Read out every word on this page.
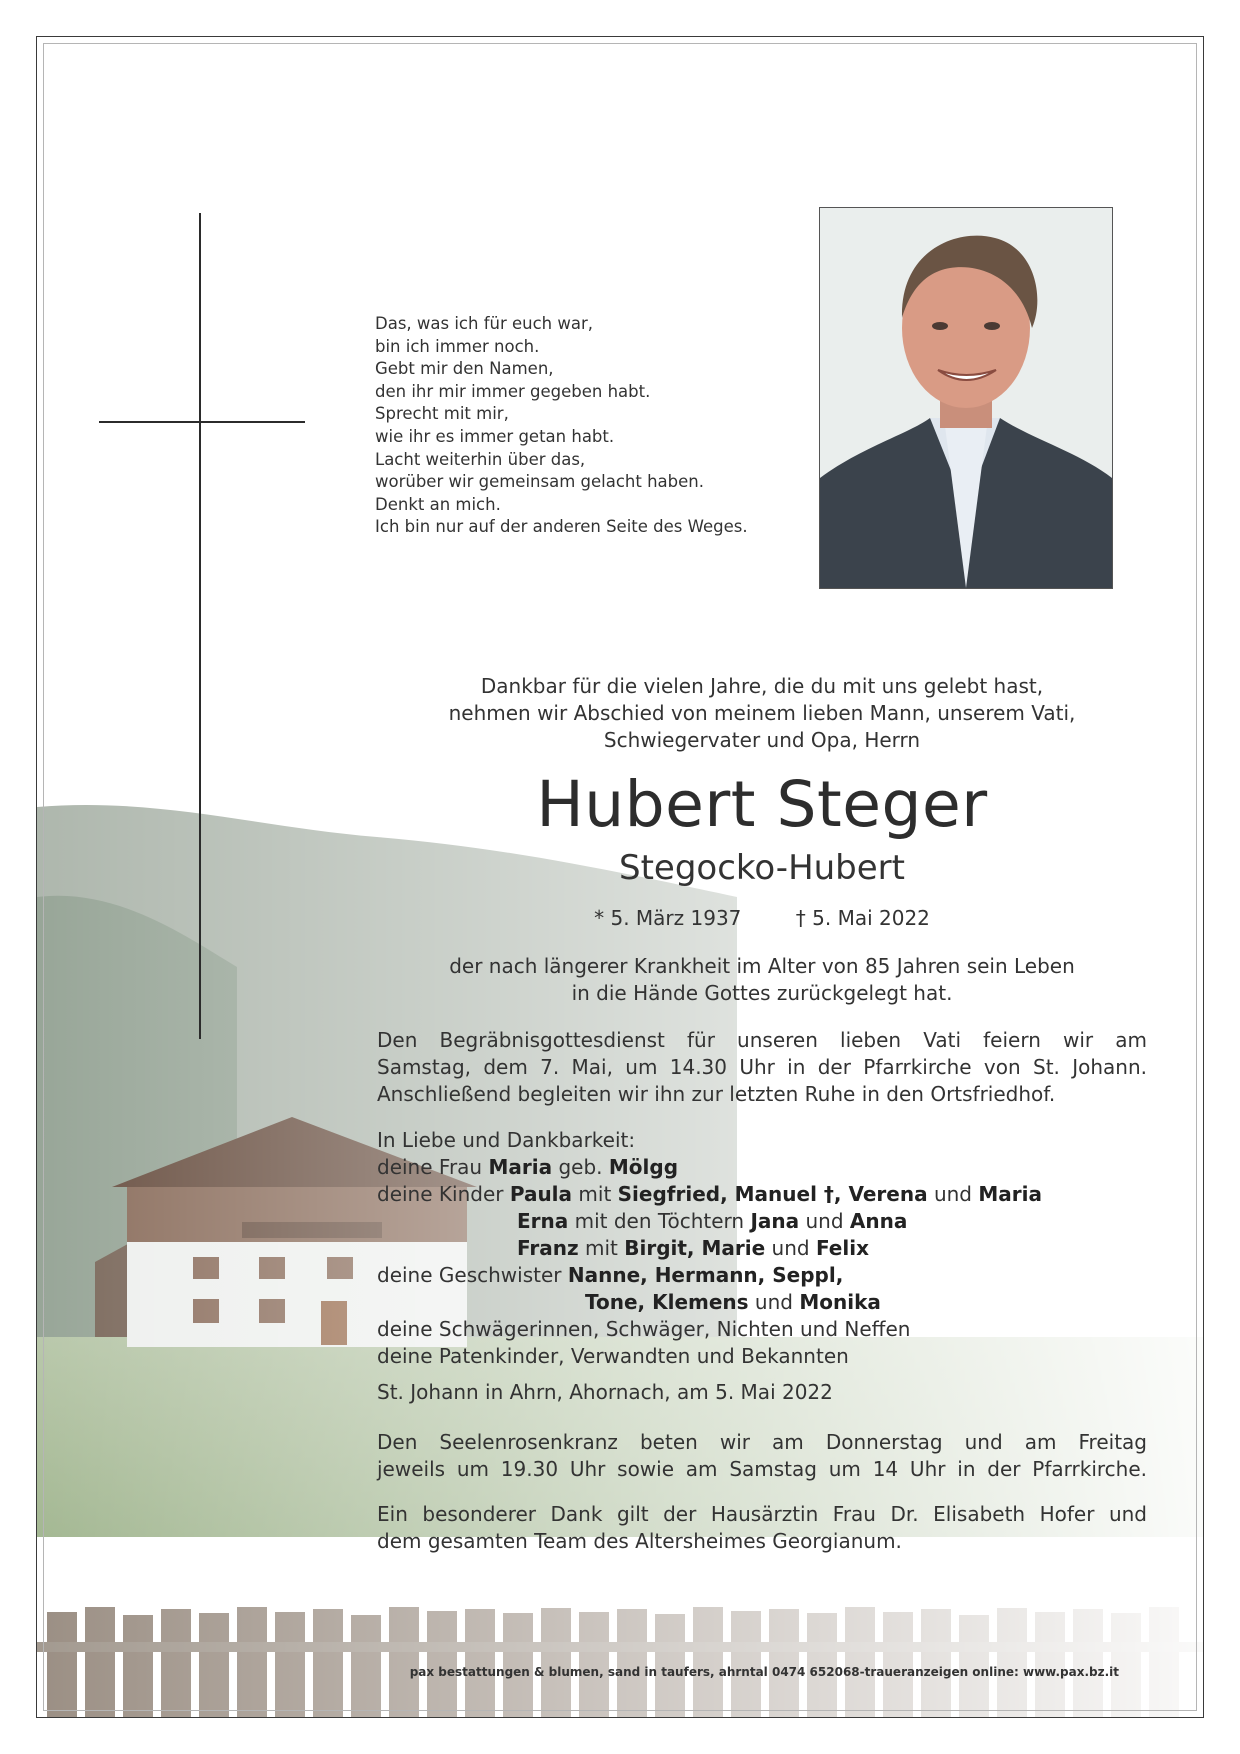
Das, was ich für euch war,
bin ich immer noch.
Gebt mir den Namen,
den ihr mir immer gegeben habt.
Sprecht mit mir,
wie ihr es immer getan habt.
Lacht weiterhin über das,
worüber wir gemeinsam gelacht haben.
Denkt an mich.
Ich bin nur auf der anderen Seite des Weges.
Dankbar für die vielen Jahre, die du mit uns gelebt hast,
nehmen wir Abschied von meinem lieben Mann, unserem Vati,
Schwiegervater und Opa, Herrn
Hubert Steger
Stegocko-Hubert
* 5. März 1937	† 5. Mai 2022
der nach längerer Krankheit im Alter von 85 Jahren sein Leben
in die Hände Gottes zurückgelegt hat.
Den Begräbnisgottesdienst für unseren lieben Vati feiern wir am
Samstag, dem 7. Mai, um 14.30 Uhr in der Pfarrkirche von St. Johann.
Anschließend begleiten wir ihn zur letzten Ruhe in den Ortsfriedhof.
In Liebe und Dankbarkeit:
deine Frau Maria geb. Mölgg
deine Kinder Paula mit Siegfried, Manuel †, Verena und Maria
Erna mit den Töchtern Jana und Anna
Franz mit Birgit, Marie und Felix
deine Geschwister Nanne, Hermann, Seppl,
Tone, Klemens und Monika
deine Schwägerinnen, Schwäger, Nichten und Neffen
deine Patenkinder, Verwandten und Bekannten
St. Johann in Ahrn, Ahornach, am 5. Mai 2022
Den Seelenrosenkranz beten wir am Donnerstag und am Freitag
jeweils um 19.30 Uhr sowie am Samstag um 14 Uhr in der Pfarrkirche.
Ein besonderer Dank gilt der Hausärztin Frau Dr. Elisabeth Hofer und
dem gesamten Team des Altersheimes Georgianum.
pax bestattungen & blumen, sand in taufers, ahrntal 0474 652068-traueranzeigen online: www.pax.bz.it
